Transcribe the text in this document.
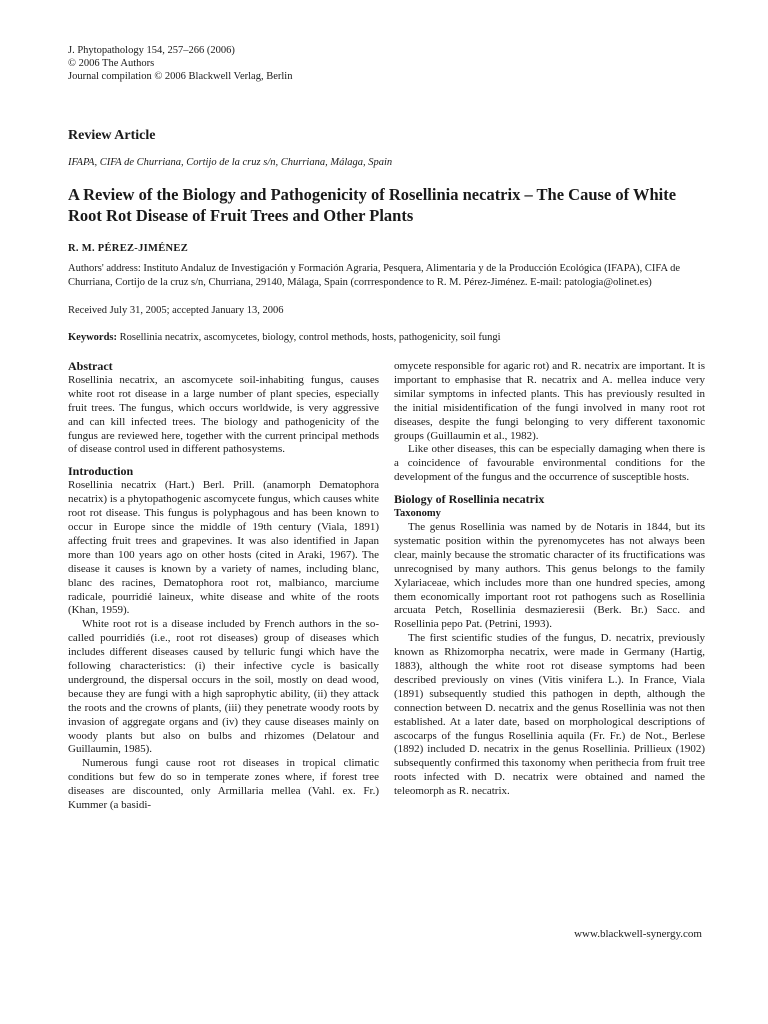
J. Phytopathology 154, 257–266 (2006)
© 2006 The Authors
Journal compilation © 2006 Blackwell Verlag, Berlin
Review Article
IFAPA, CIFA de Churriana, Cortijo de la cruz s/n, Churriana, Málaga, Spain
A Review of the Biology and Pathogenicity of Rosellinia necatrix – The Cause of White Root Rot Disease of Fruit Trees and Other Plants
R. M. PÉREZ-JIMÉNEZ
Authors' address: Instituto Andaluz de Investigación y Formación Agraria, Pesquera, Alimentaria y de la Producción Ecológica (IFAPA), CIFA de Churriana, Cortijo de la cruz s/n, Churriana, 29140, Málaga, Spain (corrrespondence to R. M. Pérez-Jiménez. E-mail: patologia@olinet.es)
Received July 31, 2005; accepted January 13, 2006
Keywords: Rosellinia necatrix, ascomycetes, biology, control methods, hosts, pathogenicity, soil fungi
Abstract

Rosellinia necatrix, an ascomycete soil-inhabiting fungus, causes white root rot disease in a large number of plant species, especially fruit trees. The fungus, which occurs worldwide, is very aggressive and can kill infected trees. The biology and pathogenicity of the fungus are reviewed here, together with the current principal methods of disease control used in different pathosystems.

Introduction

Rosellinia necatrix (Hart.) Berl. Prill. (anamorph Dematophora necatrix) is a phytopathogenic ascomycete fungus, which causes white root rot disease. This fungus is polyphagous and has been known to occur in Europe since the middle of 19th century (Viala, 1891) affecting fruit trees and grapevines. It was also identified in Japan more than 100 years ago on other hosts (cited in Araki, 1967). The disease it causes is known by a variety of names, including blanc, blanc des racines, Dematophora root rot, malbianco, marciume radicale, pourridié laineux, white disease and white of the roots (Khan, 1959).

White root rot is a disease included by French authors in the so-called pourridiés (i.e., root rot diseases) group of diseases which includes different diseases caused by telluric fungi which have the following characteristics: (i) their infective cycle is basically underground, the dispersal occurs in the soil, mostly on dead wood, because they are fungi with a high saprophytic ability, (ii) they attack the roots and the crowns of plants, (iii) they penetrate woody roots by invasion of aggregate organs and (iv) they cause diseases mainly on woody plants but also on bulbs and rhizomes (Delatour and Guillaumin, 1985).

Numerous fungi cause root rot diseases in tropical climatic conditions but few do so in temperate zones where, if forest tree diseases are discounted, only Armillaria mellea (Vahl. ex. Fr.) Kummer (a basidi-

omycete responsible for agaric rot) and R. necatrix are important. It is important to emphasise that R. necatrix and A. mellea induce very similar symptoms in infected plants. This has previously resulted in the initial misidentification of the fungi involved in many root rot diseases, despite the fungi belonging to very different taxonomic groups (Guillaumin et al., 1982).

Like other diseases, this can be especially damaging when there is a coincidence of favourable environmental conditions for the development of the fungus and the occurrence of susceptible hosts.

Biology of Rosellinia necatrix
Taxonomy

The genus Rosellinia was named by de Notaris in 1844, but its systematic position within the pyrenomycetes has not always been clear, mainly because the stromatic character of its fructifications was unrecognised by many authors. This genus belongs to the family Xylariaceae, which includes more than one hundred species, among them economically important root rot pathogens such as Rosellinia arcuata Petch, Rosellinia desmazieresii (Berk. Br.) Sacc. and Rosellinia pepo Pat. (Petrini, 1993).

The first scientific studies of the fungus, D. necatrix, previously known as Rhizomorpha necatrix, were made in Germany (Hartig, 1883), although the white root rot disease symptoms had been described previously on vines (Vitis vinifera L.). In France, Viala (1891) subsequently studied this pathogen in depth, although the connection between D. necatrix and the genus Rosellinia was not then established. At a later date, based on morphological descriptions of ascocarps of the fungus Rosellinia aquila (Fr. Fr.) de Not., Berlese (1892) included D. necatrix in the genus Rosellinia. Prillieux (1902) subsequently confirmed this taxonomy when perithecia from fruit tree roots infected with D. necatrix were obtained and named the teleomorph as R. necatrix.

www.blackwell-synergy.com
